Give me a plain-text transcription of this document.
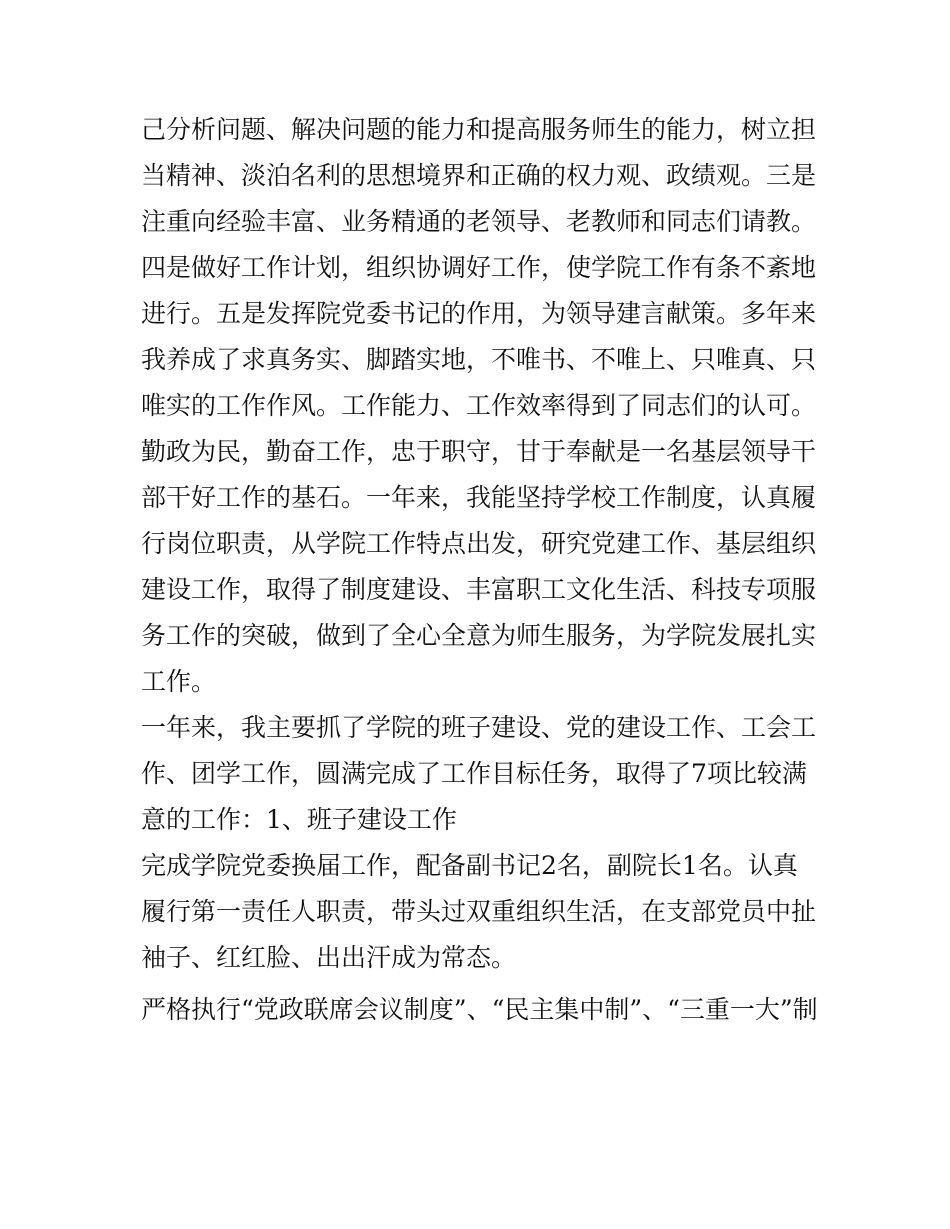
己分析问题、解决问题的能力和提高服务师生的能力，树立担
当精神、淡泊名利的思想境界和正确的权力观、政绩观。三是
注重向经验丰富、业务精通的老领导、老教师和同志们请教。
四是做好工作计划，组织协调好工作，使学院工作有条不紊地
进行。五是发挥院党委书记的作用，为领导建言献策。多年来
我养成了求真务实、脚踏实地，不唯书、不唯上、只唯真、只
唯实的工作作风。工作能力、工作效率得到了同志们的认可。
勤政为民，勤奋工作，忠于职守，甘于奉献是一名基层领导干
部干好工作的基石。一年来，我能坚持学校工作制度，认真履
行岗位职责，从学院工作特点出发，研究党建工作、基层组织
建设工作，取得了制度建设、丰富职工文化生活、科技专项服
务工作的突破，做到了全心全意为师生服务，为学院发展扎实
工作。
一年来，我主要抓了学院的班子建设、党的建设工作、工会工
作、团学工作，圆满完成了工作目标任务，取得了7项比较满
意的工作：1、班子建设工作
完成学院党委换届工作，配备副书记2名，副院长1名。认真
履行第一责任人职责，带头过双重组织生活，在支部党员中扯
袖子、红红脸、出出汗成为常态。
严格执行“党政联席会议制度”、“民主集中制”、“三重一大”制
